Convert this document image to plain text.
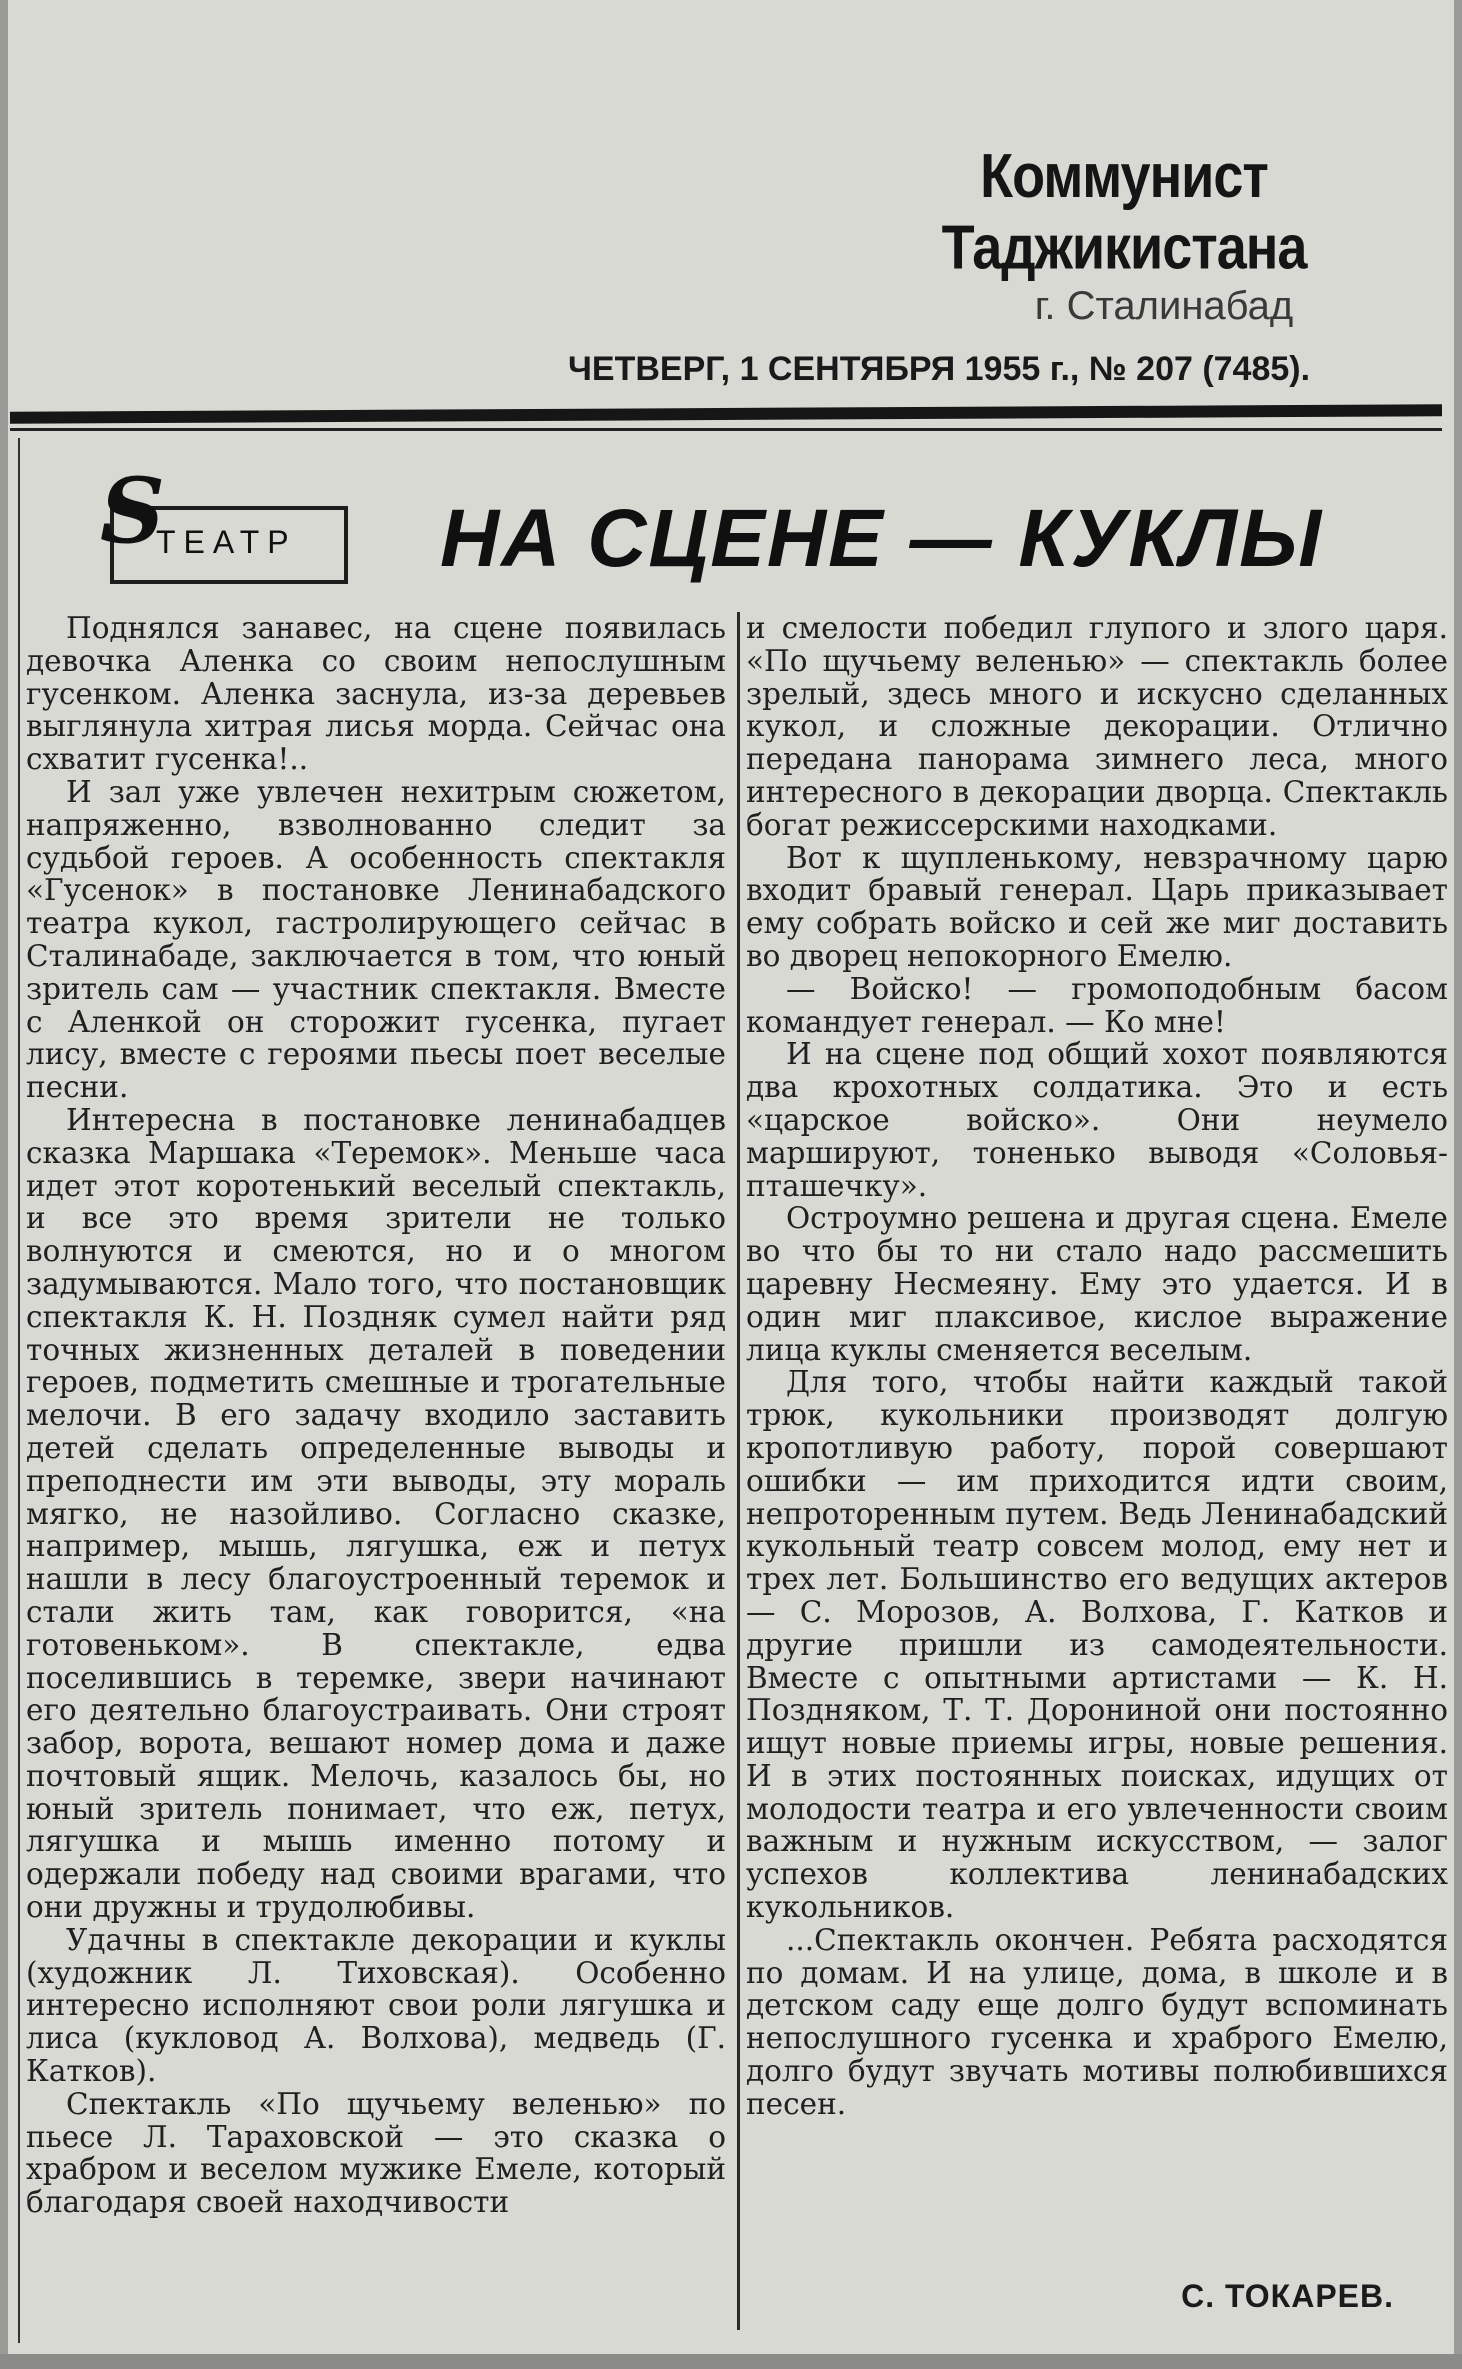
Коммунист Таджикистана
г. Сталинабад
ЧЕТВЕРГ, 1 СЕНТЯБРЯ 1955 г., № 207 (7485).
S
ТЕАТР НА СЦЕНЕ — КУКЛЫ

Поднялся занавес, на сцене появилась девочка Аленка со своим непослушным гусенком. Аленка заснула, из-за деревьев выглянула хитрая лисья морда. Сейчас она схватит гусенка!..

И зал уже увлечен нехитрым сюжетом, напряженно, взволнованно следит за судьбой героев. А особенность спектакля «Гусенок» в постановке Ленинабадского театра кукол, гастролирующего сейчас в Сталинабаде, заключается в том, что юный зритель сам — участник спектакля. Вместе с Аленкой он сторожит гусенка, пугает лису, вместе с героями пьесы поет веселые песни.

Интересна в постановке ленинабадцев сказка Маршака «Теремок». Меньше часа идет этот коротенький веселый спектакль, и все это время зрители не только волнуются и смеются, но и о многом задумываются. Мало того, что постановщик спектакля К. Н. Поздняк сумел найти ряд точных жизненных деталей в поведении героев, подметить смешные и трогательные мелочи. В его задачу входило заставить детей сделать определенные выводы и преподнести им эти выводы, эту мораль мягко, не назойливо. Согласно сказке, например, мышь, лягушка, еж и петух нашли в лесу благоустроенный теремок и стали жить там, как говорится, «на готовеньком». В спектакле, едва поселившись в теремке, звери начинают его деятельно благоустраивать. Они строят забор, ворота, вешают номер дома и даже почтовый ящик. Мелочь, казалось бы, но юный зритель понимает, что еж, петух, лягушка и мышь именно потому и одержали победу над своими врагами, что они дружны и трудолюбивы.

Удачны в спектакле декорации и куклы (художник Л. Тиховская). Особенно интересно исполняют свои роли лягушка и лиса (кукловод А. Волхова), медведь (Г. Катков).

Спектакль «По щучьему веленью» по пьесе Л. Тараховской — это сказка о храбром и веселом мужике Емеле, который благодаря своей находчивости

и смелости победил глупого и злого царя. «По щучьему веленью» — спектакль более зрелый, здесь много и искусно сделанных кукол, и сложные декорации. Отлично передана панорама зимнего леса, много интересного в декорации дворца. Спектакль богат режиссерскими находками.

Вот к щупленькому, невзрачному царю входит бравый генерал. Царь приказывает ему собрать войско и сей же миг доставить во дворец непокорного Емелю.

— Войско! — громоподобным басом командует генерал. — Ко мне!

И на сцене под общий хохот появляются два крохотных солдатика. Это и есть «царское войско». Они неумело маршируют, тоненько выводя «Соловья-пташечку».

Остроумно решена и другая сцена. Емеле во что бы то ни стало надо рассмешить царевну Несмеяну. Ему это удается. И в один миг плаксивое, кислое выражение лица куклы сменяется веселым.

Для того, чтобы найти каждый такой трюк, кукольники производят долгую кропотливую работу, порой совершают ошибки — им приходится идти своим, непроторенным путем. Ведь Ленинабадский кукольный театр совсем молод, ему нет и трех лет. Большинство его ведущих актеров — С. Морозов, А. Волхова, Г. Катков и другие пришли из самодеятельности. Вместе с опытными артистами — К. Н. Поздняком, Т. Т. Дорониной они постоянно ищут новые приемы игры, новые решения. И в этих постоянных поисках, идущих от молодости театра и его увлеченности своим важным и нужным искусством, — залог успехов коллектива ленинабадских кукольников.

...Спектакль окончен. Ребята расходятся по домам. И на улице, дома, в школе и в детском саду еще долго будут вспоминать непослушного гусенка и храброго Емелю, долго будут звучать мотивы полюбившихся песен.

С. ТОКАРЕВ.
